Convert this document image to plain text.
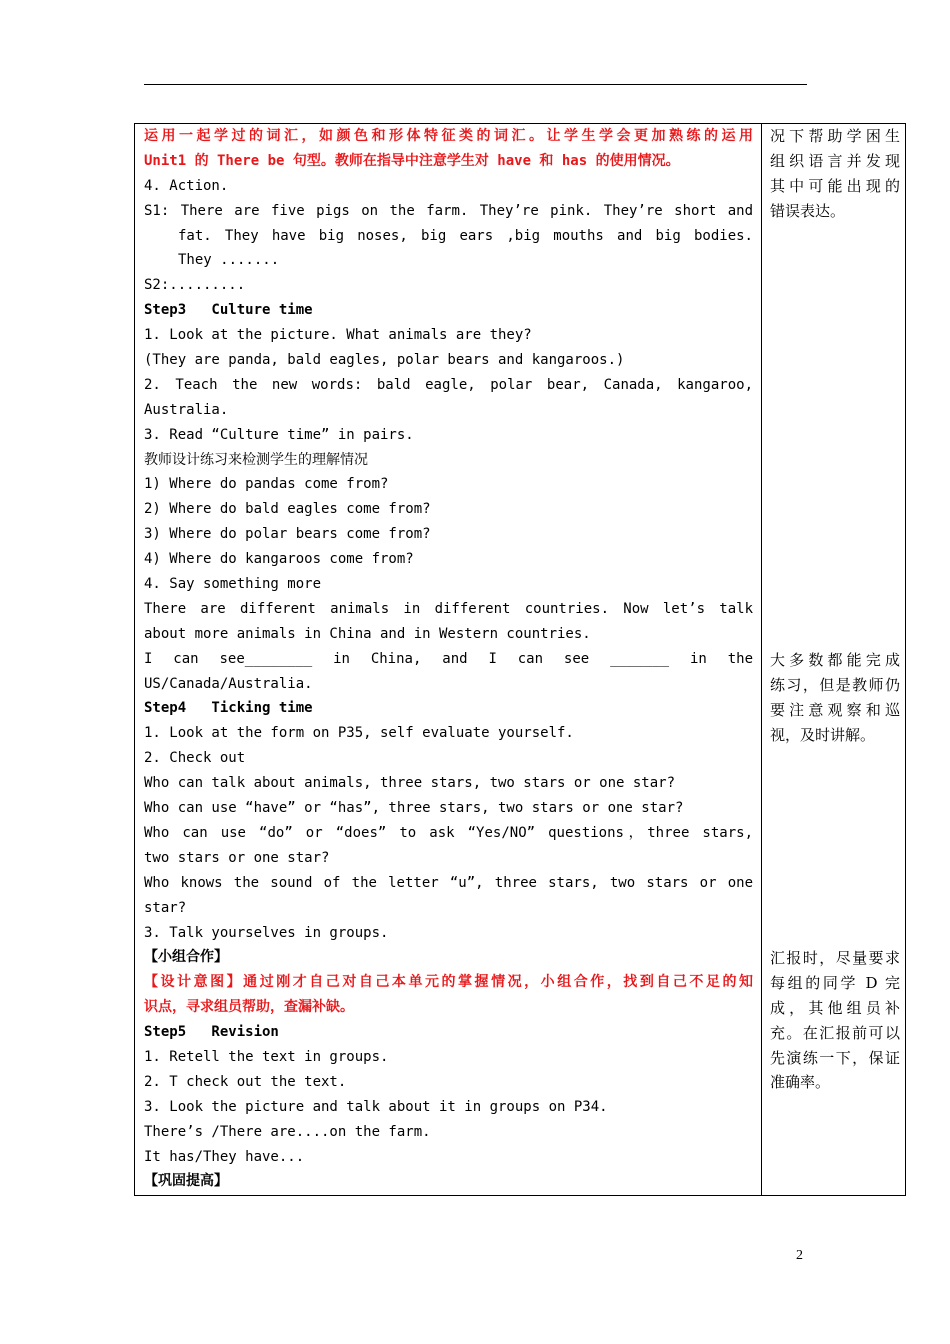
运用一起学过的词汇，如颜色和形体特征类的词汇。让学生学会更加熟练的运用
Unit1 的 There be 句型。教师在指导中注意学生对 have 和 has 的使用情况。
4. Action.
S1: There are five pigs on the farm. They’re pink. They’re short and
fat. They have big noses, big ears ,big mouths and big bodies.
They .......
S2:.........
Step3   Culture time
1. Look at the picture. What animals are they?
(They are panda, bald eagles, polar bears and kangaroos.)
2. Teach the new words: bald eagle, polar bear, Canada, kangaroo,
Australia.
3. Read “Culture time” in pairs.
教师设计练习来检测学生的理解情况
1) Where do pandas come from?
2) Where do bald eagles come from?
3) Where do polar bears come from?
4) Where do kangaroos come from?
4. Say something more
There are different animals in different countries. Now let’s talk
about more animals in China and in Western countries.
I can see________ in China, and I can see _______ in the
US/Canada/Australia.
Step4   Ticking time
1. Look at the form on P35, self evaluate yourself.
2. Check out
Who can talk about animals, three stars, two stars or one star?
Who can use “have” or “has”, three stars, two stars or one star?
Who can use “do” or “does” to ask “Yes/NO” questions，three stars,
two stars or one star?
Who knows the sound of the letter “u”, three stars, two stars or one
star?
3. Talk yourselves in groups.
【小组合作】
【设计意图】通过刚才自己对自己本单元的掌握情况，小组合作，找到自己不足的知
识点，寻求组员帮助，查漏补缺。
Step5   Revision
1. Retell the text in groups.
2. T check out the text.
3. Look the picture and talk about it in groups on P34.
There’s /There are....on the farm.
It has/They have...
【巩固提高】
况下帮助学困生
组织语言并发现
其中可能出现的
错误表达。
大多数都能完成
练习，但是教师仍
要注意观察和巡
视，及时讲解。
汇报时，尽量要求
每组的同学 D 完
成，其他组员补
充。在汇报前可以
先演练一下，保证
准确率。
2
